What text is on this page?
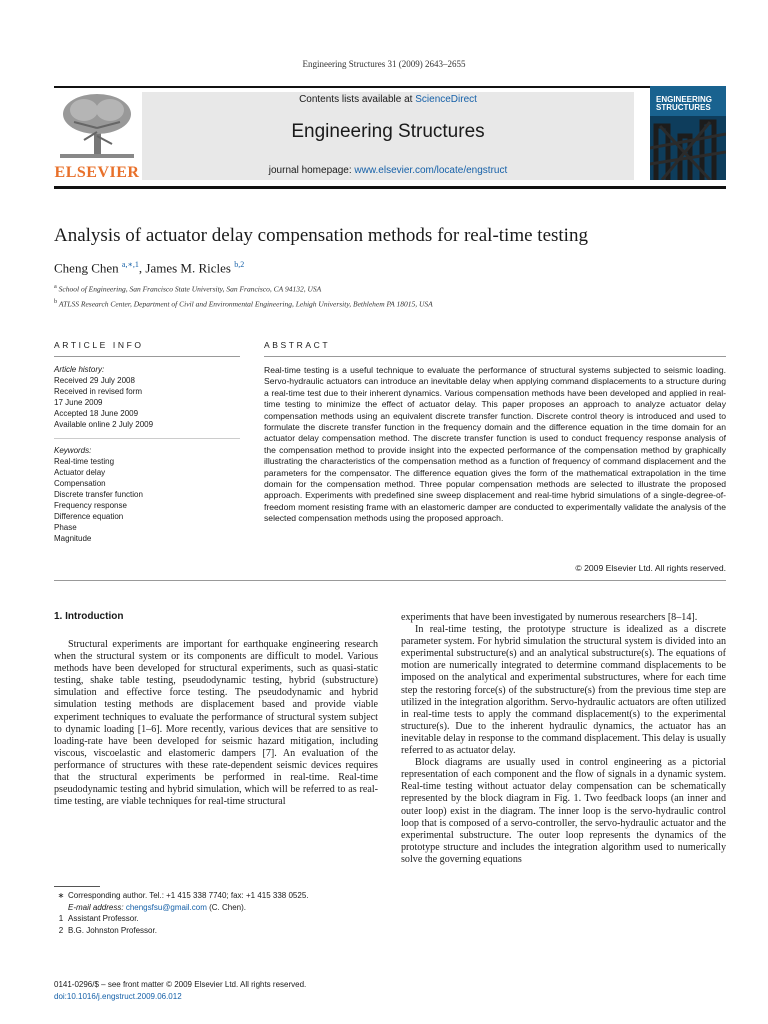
Engineering Structures 31 (2009) 2643–2655
ELSEVIER
Contents lists available at ScienceDirect
Engineering Structures
journal homepage: www.elsevier.com/locate/engstruct
ENGINEERING STRUCTURES
Analysis of actuator delay compensation methods for real-time testing
Cheng Chen $^{a,∗,1}$, James M. Ricles $^{b,2}$
$^a$ School of Engineering, San Francisco State University, San Francisco, CA 94132, USA
$^b$ ATLSS Research Center, Department of Civil and Environmental Engineering, Lehigh University, Bethlehem PA 18015, USA
ARTICLE INFO
Article history:
Received 29 July 2008
Received in revised form
17 June 2009
Accepted 18 June 2009
Available online 2 July 2009
Keywords:
Real-time testing
Actuator delay
Compensation
Discrete transfer function
Frequency response
Difference equation
Phase
Magnitude
ABSTRACT
Real-time testing is a useful technique to evaluate the performance of structural systems subjected to seismic loading. Servo-hydraulic actuators can introduce an inevitable delay when applying command displacements to a structure during a real-time test due to their inherent dynamics. Various compensation methods have been developed and applied in real-time testing to minimize the effect of actuator delay. This paper proposes an approach to analyze actuator delay compensation methods using an equivalent discrete transfer function. Discrete control theory is introduced and used to formulate the discrete transfer function in the frequency domain and the difference equation in the time domain for an actuator delay compensation method. The discrete transfer function is used to conduct frequency response analysis of the compensation method to provide insight into the expected performance of the compensation method by graphically illustrating the characteristics of the compensation method as a function of frequency of command displacement and the parameters for the compensator. The difference equation gives the form of the mathematical extrapolation in the time domain for the compensation method. Three popular compensation methods are selected to illustrate the proposed approach. Experiments with predefined sine sweep displacement and real-time hybrid simulations of a single-degree-of-freedom moment resisting frame with an elastomeric damper are conducted to experimentally validate the analysis of the selected compensation methods using the proposed approach.
© 2009 Elsevier Ltd. All rights reserved.
1. Introduction

Structural experiments are important for earthquake engineering research when the structural system or its components are difficult to model. Various methods have been developed for structural experiments, such as quasi-static testing, shake table testing, pseudodynamic testing, hybrid (substructure) simulation and effective force testing. The pseudodynamic and hybrid simulation testing methods are displacement based and provide viable experiment techniques to evaluate the performance of structural system subject to dynamic loading [1–6]. More recently, various devices that are sensitive to loading-rate have been developed for seismic hazard mitigation, including viscous, viscoelastic and elastomeric dampers [7]. An evaluation of the performance of structures with these rate-dependent seismic devices requires that the structural experiments be performed in real-time. Real-time pseudodynamic testing and hybrid simulation, which will be referred to as real-time testing, are viable techniques for real-time structural

experiments that have been investigated by numerous researchers [8–14].

In real-time testing, the prototype structure is idealized as a discrete parameter system. For hybrid simulation the structural system is divided into an experimental substructure(s) and an analytical substructure(s). The equations of motion are numerically integrated to determine command displacements to be imposed on the analytical and experimental substructures, where for each time step the restoring force(s) of the substructure(s) from the previous time step are utilized in the integration algorithm. Servo-hydraulic actuators are often utilized in real-time tests to apply the command displacement(s) to the experimental structure(s). Due to the inherent hydraulic dynamics, the actuator has an inevitable delay in response to the command displacement. This delay is usually referred to as actuator delay.

Block diagrams are usually used in control engineering as a pictorial representation of each component and the flow of signals in a dynamic system. Real-time testing without actuator delay compensation can be schematically represented by the block diagram in Fig. 1. Two feedback loops (an inner and outer loop) exist in the diagram. The inner loop is the servo-hydraulic control loop that is composed of a servo-controller, the servo-hydraulic actuator and the experimental substructure. The outer loop represents the dynamics of the prototype structure and includes the integration algorithm used to numerically solve the governing equations

∗ Corresponding author. Tel.: +1 415 338 7740; fax: +1 415 338 0525.
E-mail address: chengsfsu@gmail.com (C. Chen).
1 Assistant Professor.
2 B.G. Johnston Professor.
0141-0296/$ – see front matter © 2009 Elsevier Ltd. All rights reserved.
doi:10.1016/j.engstruct.2009.06.012
